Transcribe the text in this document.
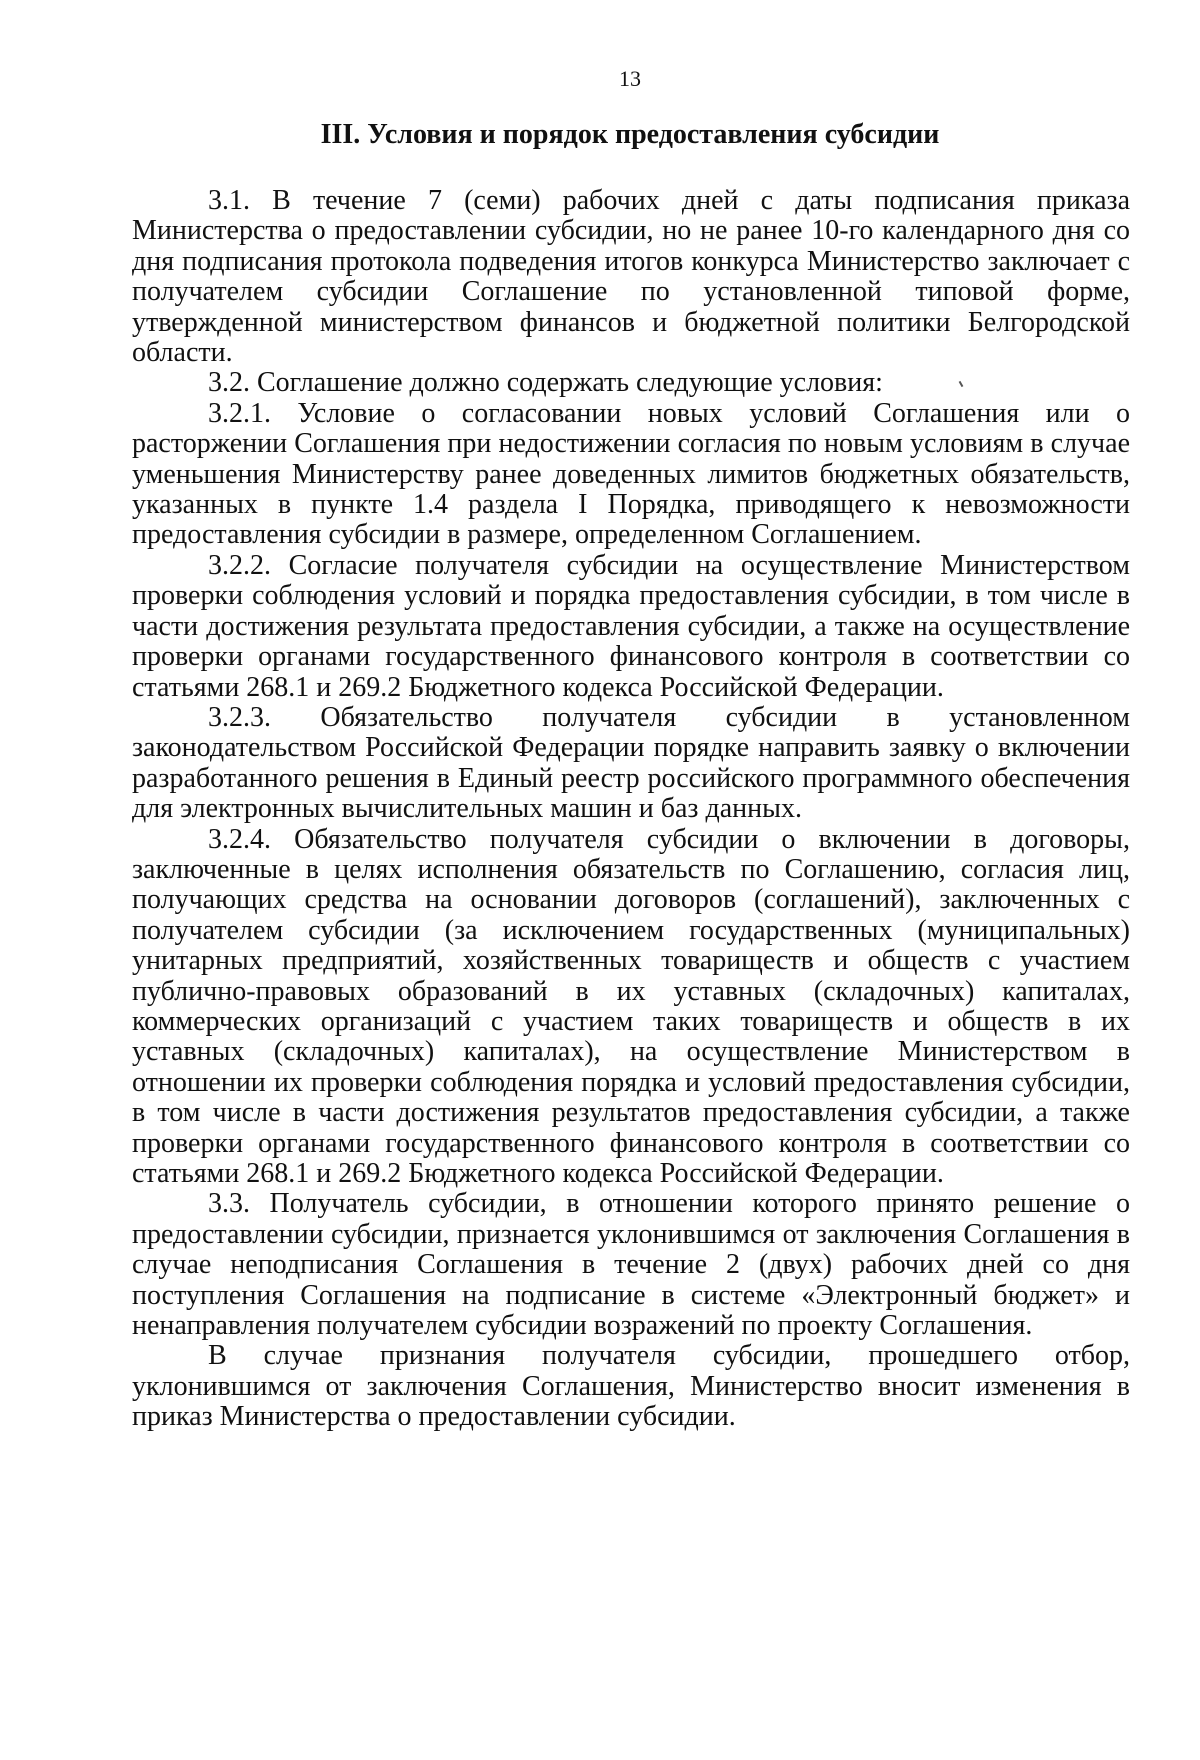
13
III. Условия и порядок предоставления субсидии

3.1. В течение 7 (семи) рабочих дней с даты подписания приказа Министерства о предоставлении субсидии, но не ранее 10-го календарного дня со дня подписания протокола подведения итогов конкурса Министерство заключает с получателем субсидии Соглашение по установленной типовой форме, утвержденной министерством финансов и бюджетной политики Белгородской области.

3.2. Соглашение должно содержать следующие условия:

3.2.1. Условие о согласовании новых условий Соглашения или о расторжении Соглашения при недостижении согласия по новым условиям в случае уменьшения Министерству ранее доведенных лимитов бюджетных обязательств, указанных в пункте 1.4 раздела I Порядка, приводящего к невозможности предоставления субсидии в размере, определенном Соглашением.

3.2.2. Согласие получателя субсидии на осуществление Министерством проверки соблюдения условий и порядка предоставления субсидии, в том числе в части достижения результата предоставления субсидии, а также на осуществление проверки органами государственного финансового контроля в соответствии со статьями 268.1 и 269.2 Бюджетного кодекса Российской Федерации.

3.2.3. Обязательство получателя субсидии в установленном законодательством Российской Федерации порядке направить заявку о включении разработанного решения в Единый реестр российского программного обеспечения для электронных вычислительных машин и баз данных.

3.2.4. Обязательство получателя субсидии о включении в договоры, заключенные в целях исполнения обязательств по Соглашению, согласия лиц, получающих средства на основании договоров (соглашений), заключенных с получателем субсидии (за исключением государственных (муниципальных) унитарных предприятий, хозяйственных товариществ и обществ с участием публично-правовых образований в их уставных (складочных) капиталах, коммерческих организаций с участием таких товариществ и обществ в их уставных (складочных) капиталах), на осуществление Министерством в отношении их проверки соблюдения порядка и условий предоставления субсидии, в том числе в части достижения результатов предоставления субсидии, а также проверки органами государственного финансового контроля в соответствии со статьями 268.1 и 269.2 Бюджетного кодекса Российской Федерации.

3.3. Получатель субсидии, в отношении которого принято решение о предоставлении субсидии, признается уклонившимся от заключения Соглашения в случае неподписания Соглашения в течение 2 (двух) рабочих дней со дня поступления Соглашения на подписание в системе «Электронный бюджет» и ненаправления получателем субсидии возражений по проекту Соглашения.

В случае признания получателя субсидии, прошедшего отбор, уклонившимся от заключения Соглашения, Министерство вносит изменения в приказ Министерства о предоставлении субсидии.
